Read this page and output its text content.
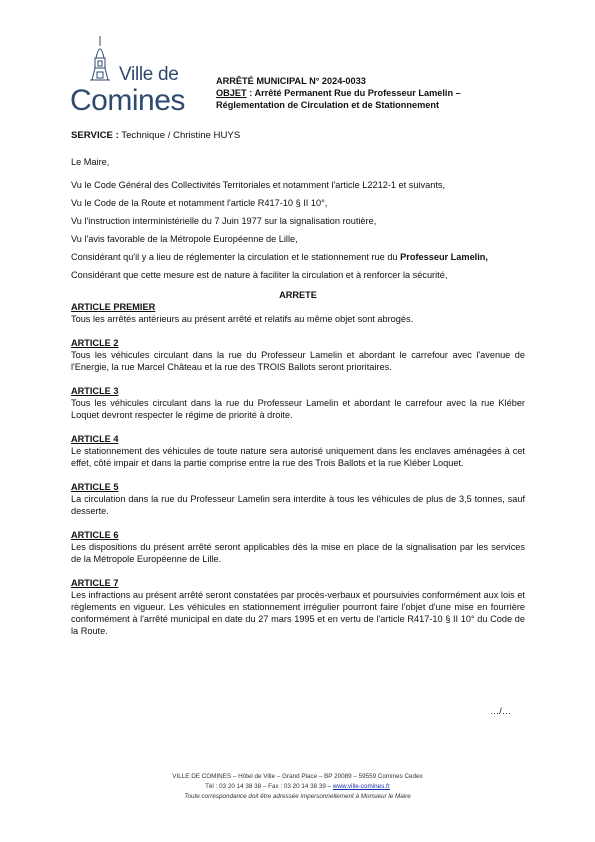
Ville de
Comines
ARRÊTÉ MUNICIPAL N° 2024-0033
OBJET : Arrêté Permanent Rue du Professeur Lamelin –
Réglementation de Circulation et de Stationnement
SERVICE : Technique / Christine HUYS

Le Maire,

Vu le Code Général des Collectivités Territoriales et notamment l'article L2212-1 et suivants,

Vu le Code de la Route et notamment l'article R417-10 § II 10°,

Vu l'instruction interministérielle du 7 Juin 1977 sur la signalisation routière,

Vu l'avis favorable de la Métropole Européenne de Lille,

Considérant qu'il y a lieu de réglementer la circulation et le stationnement rue du Professeur Lamelin,

Considérant que cette mesure est de nature à faciliter la circulation et à renforcer la sécurité,

ARRETE

ARTICLE PREMIER

Tous les arrêtés antérieurs au présent arrêté et relatifs au même objet sont abrogés.

ARTICLE 2

Tous les véhicules circulant dans la rue du Professeur Lamelin et abordant le carrefour avec l'avenue de l'Energie, la rue Marcel Château et la rue des TROIS Ballots seront prioritaires.

ARTICLE 3

Tous les véhicules circulant dans la rue du Professeur Lamelin et abordant le carrefour avec la rue Kléber Loquet devront respecter le régime de priorité à droite.

ARTICLE 4

Le stationnement des véhicules de toute nature sera autorisé uniquement dans les enclaves aménagées à cet effet, côté impair et dans la partie comprise entre la rue des Trois Ballots et la rue Kléber Loquet.

ARTICLE 5

La circulation dans la rue du Professeur Lamelin sera interdite à tous les véhicules de plus de 3,5 tonnes, sauf desserte.

ARTICLE 6

Les dispositions du présent arrêté seront applicables dès la mise en place de la signalisation par les services de la Métropole Européenne de Lille.

ARTICLE 7

Les infractions au présent arrêté seront constatées par procès-verbaux et poursuivies conformément aux lois et règlements en vigueur. Les véhicules en stationnement irrégulier pourront faire l'objet d'une mise en fourrière conformément à l'arrêté municipal en date du 27 mars 1995 et en vertu de l'article R417-10 § II 10° du Code de la Route.

…/…
VILLE DE COMINES – Hôtel de Ville – Grand Place – BP 20089 – 59559 Comines Cedex
Tél : 03 20 14 38 38 – Fax : 03 20 14 38 39 – www.ville-comines.fr
Toute correspondance doit être adressée impersonnellement à Monsieur le Maire
